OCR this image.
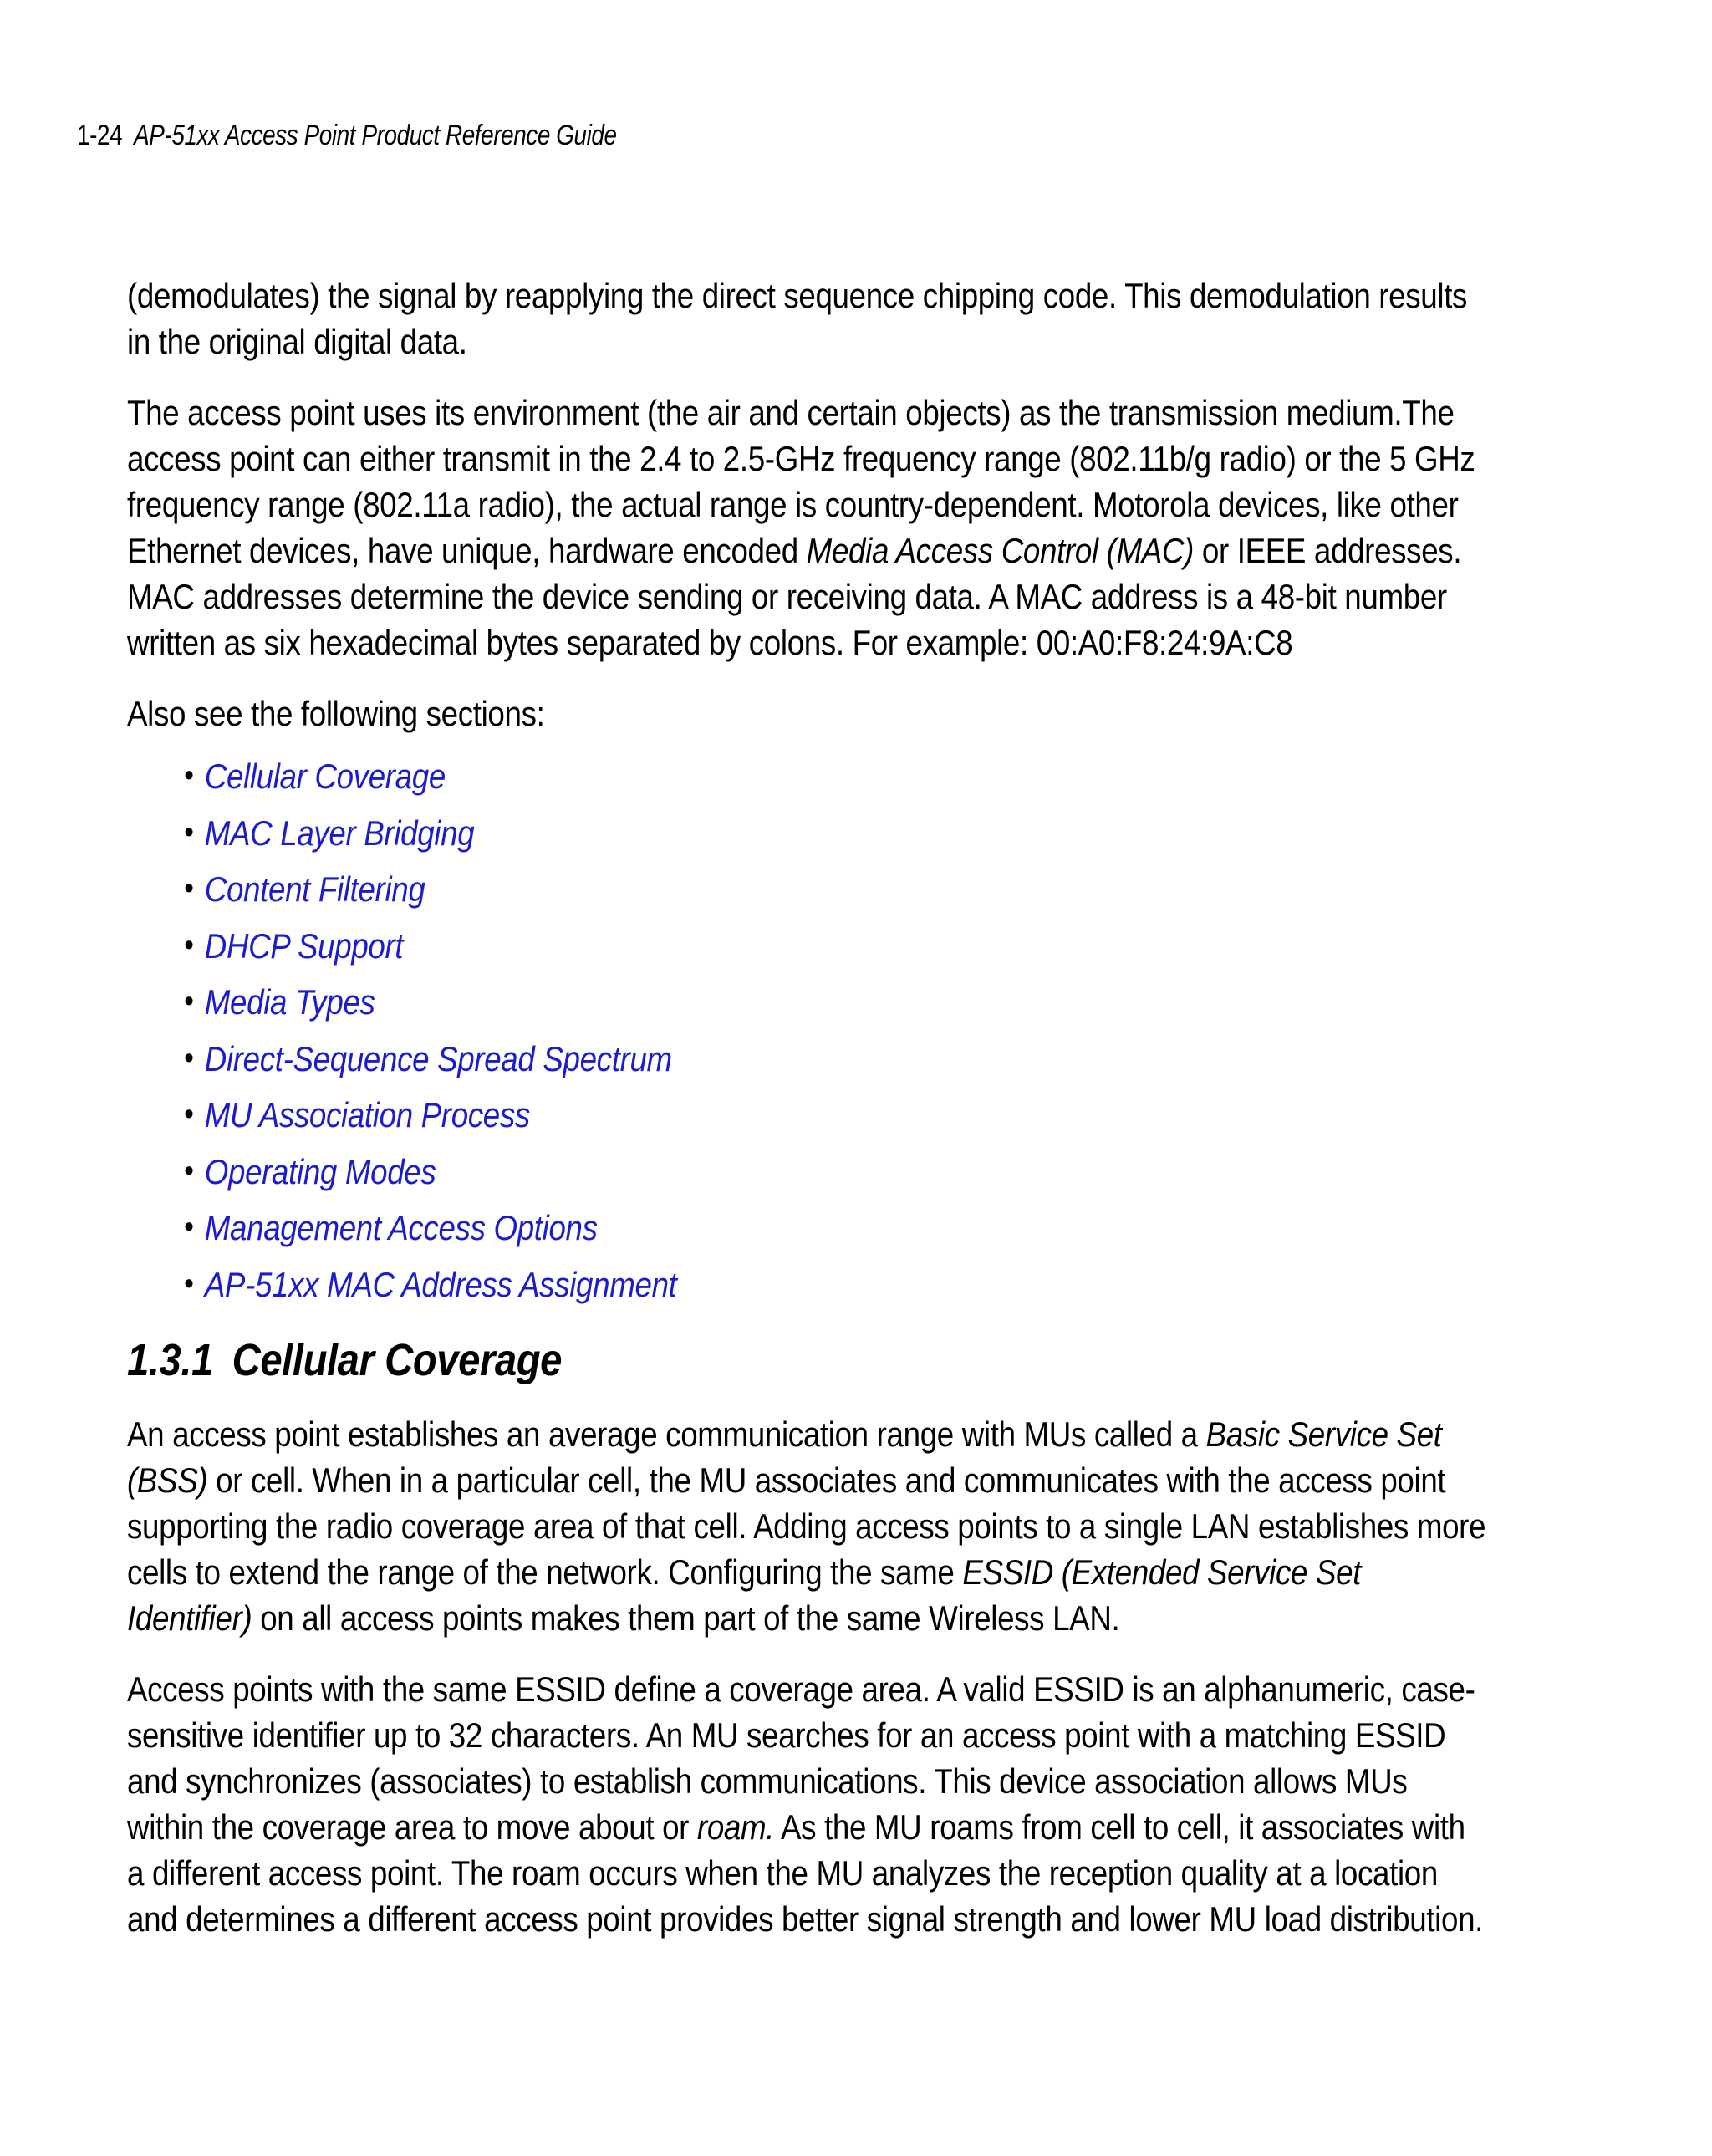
1-24 AP-51xx Access Point Product Reference Guide

(demodulates) the signal by reapplying the direct sequence chipping code. This demodulation results in the original digital data.

The access point uses its environment (the air and certain objects) as the transmission medium.The access point can either transmit in the 2.4 to 2.5-GHz frequency range (802.11b/g radio) or the 5 GHz frequency range (802.11a radio), the actual range is country-dependent. Motorola devices, like other Ethernet devices, have unique, hardware encoded Media Access Control (MAC) or IEEE addresses. MAC addresses determine the device sending or receiving data. A MAC address is a 48-bit number written as six hexadecimal bytes separated by colons. For example: 00:A0:F8:24:9A:C8

Also see the following sections:

• Cellular Coverage
• MAC Layer Bridging
• Content Filtering
• DHCP Support
• Media Types
• Direct-Sequence Spread Spectrum
• MU Association Process
• Operating Modes
• Management Access Options
• AP-51xx MAC Address Assignment
1.3.1 Cellular Coverage

An access point establishes an average communication range with MUs called a Basic Service Set (BSS) or cell. When in a particular cell, the MU associates and communicates with the access point supporting the radio coverage area of that cell. Adding access points to a single LAN establishes more cells to extend the range of the network. Configuring the same ESSID (Extended Service Set Identifier) on all access points makes them part of the same Wireless LAN.

Access points with the same ESSID define a coverage area. A valid ESSID is an alphanumeric, case-sensitive identifier up to 32 characters. An MU searches for an access point with a matching ESSID and synchronizes (associates) to establish communications. This device association allows MUs within the coverage area to move about or roam. As the MU roams from cell to cell, it associates with a different access point. The roam occurs when the MU analyzes the reception quality at a location and determines a different access point provides better signal strength and lower MU load distribution.
